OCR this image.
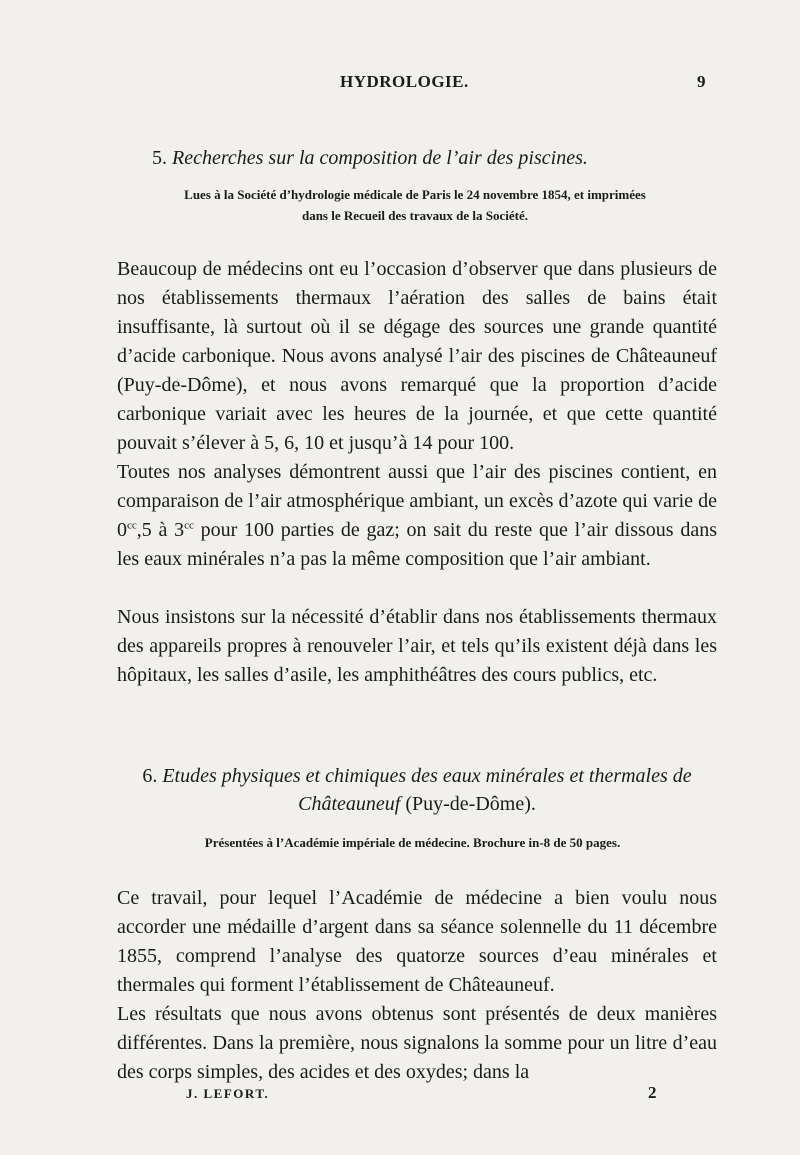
HYDROLOGIE.	9

5. Recherches sur la composition de l’air des piscines.

Lues à la Société d’hydrologie médicale de Paris le 24 novembre 1854, et imprimées

dans le Recueil des travaux de la Société.

Beaucoup de médecins ont eu l’occasion d’observer que dans plusieurs de nos établissements thermaux l’aération des salles de bains était insuffisante, là surtout où il se dégage des sources une grande quantité d’acide carbonique. Nous avons analysé l’air des piscines de Châteauneuf (Puy-de-Dôme), et nous avons remarqué que la proportion d’acide carbonique variait avec les heures de la journée, et que cette quantité pouvait s’élever à 5, 6, 10 et jusqu’à 14 pour 100.

Toutes nos analyses démontrent aussi que l’air des piscines contient, en comparaison de l’air atmosphérique ambiant, un excès d’azote qui varie de $0^{cc},5$ à $3^{cc}$ pour 100 parties de gaz; on sait du reste que l’air dissous dans les eaux minérales n’a pas la même composition que l’air ambiant.

Nous insistons sur la nécessité d’établir dans nos établissements thermaux des appareils propres à renouveler l’air, et tels qu’ils existent déjà dans les hôpitaux, les salles d’asile, les amphithéâtres des cours publics, etc.

6. Etudes physiques et chimiques des eaux minérales et thermales de Châteauneuf (Puy-de-Dôme).

Présentées à l’Académie impériale de médecine. Brochure in-8 de 50 pages.

Ce travail, pour lequel l’Académie de médecine a bien voulu nous accorder une médaille d’argent dans sa séance solennelle du 11 décembre 1855, comprend l’analyse des quatorze sources d’eau minérales et thermales qui forment l’établissement de Châteauneuf.

Les résultats que nous avons obtenus sont présentés de deux manières différentes. Dans la première, nous signalons la somme pour un litre d’eau des corps simples, des acides et des oxydes; dans la

J. LEFORT.	2
